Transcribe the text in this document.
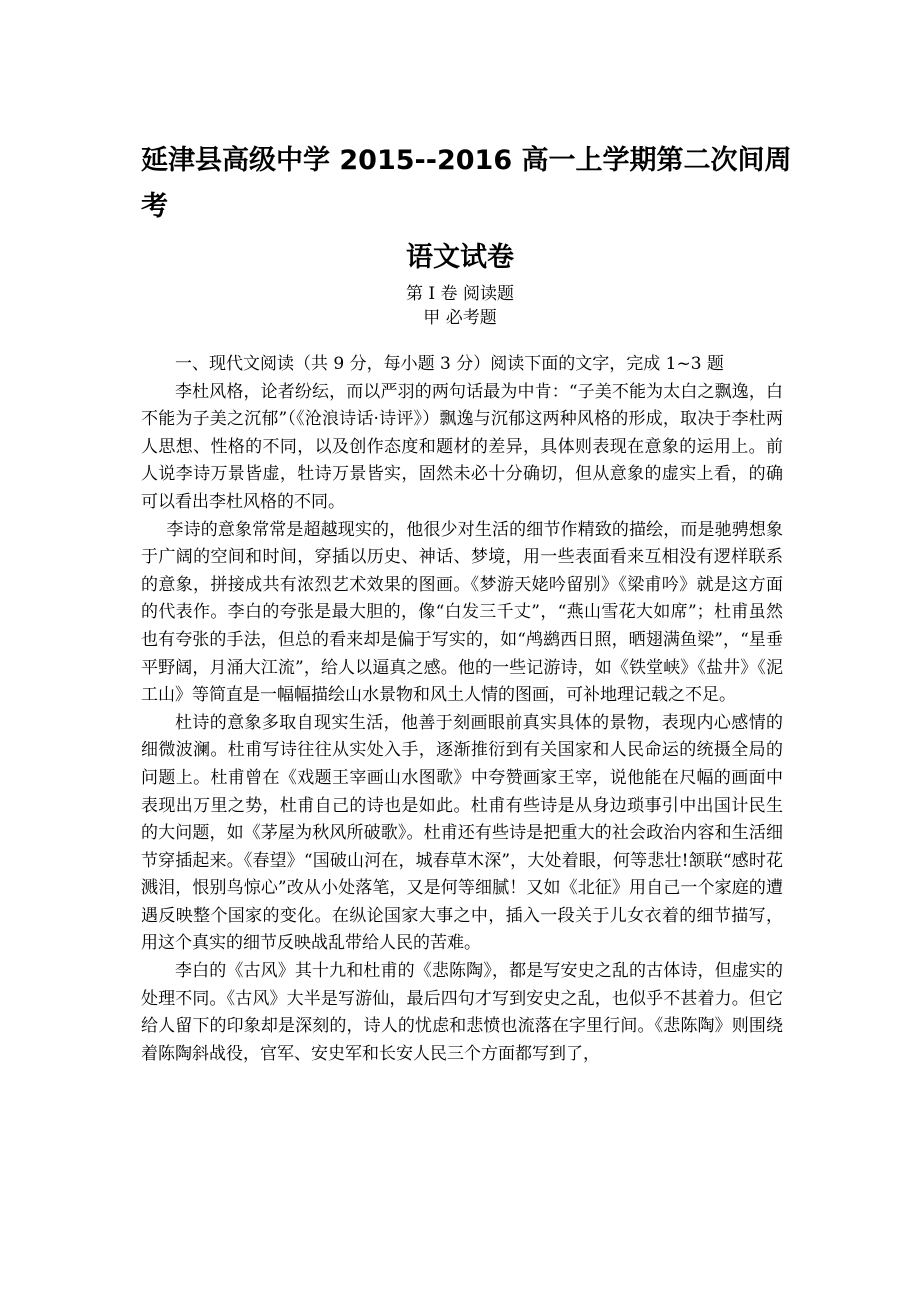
延津县高级中学 2015--2016 高一上学期第二次间周考
语文试卷

第 I 卷 阅读题

甲 必考题

一、现代文阅读（共 9 分，每小题 3 分）阅读下面的文字，完成 1~3 题

李杜风格，论者纷纭，而以严羽的两句话最为中肯：“子美不能为太白之飘逸，白不能为子美之沉郁”（《沧浪诗话·诗评》）飘逸与沉郁这两种风格的形成，取决于李杜两人思想、性格的不同，以及创作态度和题材的差异，具体则表现在意象的运用上。前人说李诗万景皆虚，牡诗万景皆实，固然未必十分确切，但从意象的虚实上看，的确可以看出李杜风格的不同。

李诗的意象常常是超越现实的，他很少对生活的细节作精致的描绘，而是驰骋想象于广阔的空间和时间，穿插以历史、神话、梦境，用一些表面看来互相没有逻样联系的意象，拼接成共有浓烈艺术效果的图画。《梦游天姥吟留别》《梁甫吟》就是这方面的代表作。李白的夸张是最大胆的，像“白发三千丈”，“燕山雪花大如席”；杜甫虽然也有夸张的手法，但总的看来却是偏于写实的，如“鸬鹚西日照，晒翅满鱼梁”，“星垂平野阔，月涌大江流”，给人以逼真之感。他的一些记游诗，如《铁堂峡》《盐井》《泥工山》等简直是一幅幅描绘山水景物和风土人情的图画，可补地理记载之不足。

杜诗的意象多取自现实生活，他善于刻画眼前真实具体的景物，表现内心感情的细微波澜。杜甫写诗往往从实处入手，逐渐推衍到有关国家和人民命运的统摄全局的问题上。杜甫曾在《戏题王宰画山水图歌》中夸赞画家王宰，说他能在尺幅的画面中表现出万里之势，杜甫自己的诗也是如此。杜甫有些诗是从身边琐事引中出国计民生的大问题，如《茅屋为秋风所破歌》。杜甫还有些诗是把重大的社会政治内容和生活细节穿插起来。《春望》“国破山河在，城春草木深”，大处着眼，何等悲壮!颔联“感时花溅泪，恨别鸟惊心”改从小处落笔，又是何等细腻！又如《北征》用自己一个家庭的遭遇反映整个国家的变化。在纵论国家大事之中，插入一段关于儿女衣着的细节描写，用这个真实的细节反映战乱带给人民的苦难。

李白的《古风》其十九和杜甫的《悲陈陶》，都是写安史之乱的古体诗，但虚实的处理不同。《古风》大半是写游仙，最后四句才写到安史之乱，也似乎不甚着力。但它给人留下的印象却是深刻的，诗人的忧虑和悲愤也流落在字里行间。《悲陈陶》则围绕着陈陶斜战役，官军、安史军和长安人民三个方面都写到了，
